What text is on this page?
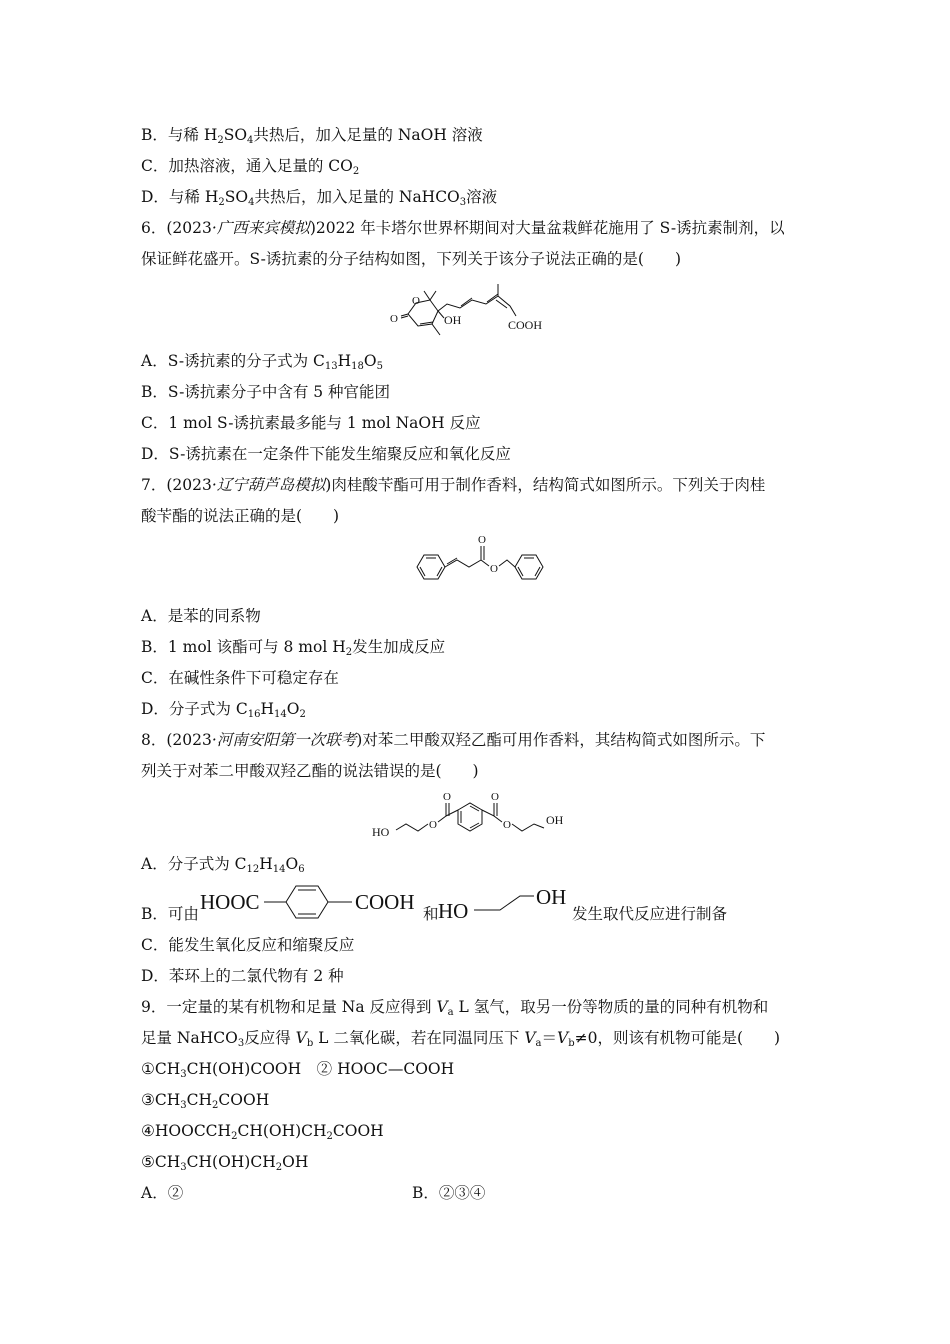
B．与稀 $H_2SO_4$共热后，加入足量的 NaOH 溶液
C．加热溶液，通入足量的 $CO_2$
D．与稀 $H_2SO_4$共热后，加入足量的 NaHCO$_3$溶液
6．(2023·广西来宾模拟)2022 年卡塔尔世界杯期间对大量盆栽鲜花施用了 S-诱抗素制剂，以
保证鲜花盛开。S-诱抗素的分子结构如图，下列关于该分子说法正确的是(　　)
O
O	OH	COOH
A．S-诱抗素的分子式为 $C_{13}H_{18}O_5$
B．S-诱抗素分子中含有 5 种官能团
C．1 mol S-诱抗素最多能与 1 mol NaOH 反应
D．S-诱抗素在一定条件下能发生缩聚反应和氧化反应
7．(2023·辽宁葫芦岛模拟)肉桂酸苄酯可用于制作香料，结构简式如图所示。下列关于肉桂
酸苄酯的说法正确的是(　　)
O
O
A．是苯的同系物
B．1 mol 该酯可与 8 mol $H_2$发生加成反应
C．在碱性条件下可稳定存在
D．分子式为 $C_{16}H_{14}O_2$
8．(2023·河南安阳第一次联考)对苯二甲酸双羟乙酯可用作香料，其结构简式如图所示。下
列关于对苯二甲酸双羟乙酯的说法错误的是(　　)
HO	O
O	O
O	OH
A．分子式为 $C_{12}H_{14}O_6$
B．可由 HOOC	COOH 和 HO
OH
发生取代反应进行制备
C．能发生氧化反应和缩聚反应
D．苯环上的二氯代物有 2 种
9．一定量的某有机物和足量 Na 反应得到 $V_a$ L 氢气，取另一份等物质的量的同种有机物和
足量 NaHCO$_3$反应得 $V_b$ L 二氧化碳，若在同温同压下 $V_a=V_b\ne 0$，则该有机物可能是(　　)
$①CH_3CH(OH)COOH$　② HOOC—COOH
$③CH_3CH_2COOH$
$④HOOCCH_2CH(OH)CH_2COOH$
$⑤CH_3CH(OH)CH_2OH$
A．②	B．②③④
